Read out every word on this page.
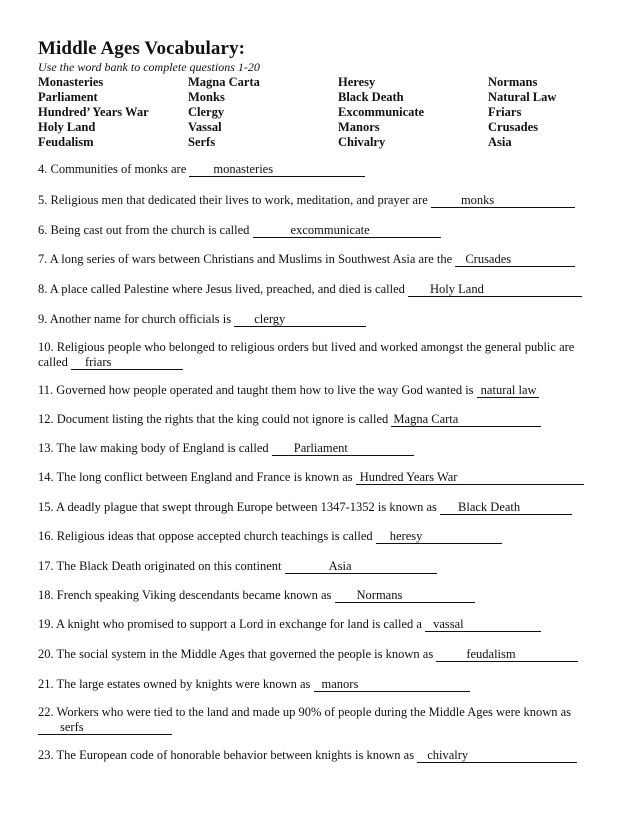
Middle Ages Vocabulary:
Use the word bank to complete questions 1-20
Monasteries	Magna Carta	Heresy	Normans
Parliament	Monks	Black Death	Natural Law
Hundred’ Years War	Clergy	Excommunicate	Friars
Holy Land	Vassal	Manors	Crusades
Feudalism	Serfs	Chivalry	Asia
4. Communities of monks are monasteries
5. Religious men that dedicated their lives to work, meditation, and prayer are	monks
6. Being cast out from the church is called	excommunicate
7. A long series of wars between Christians and Muslims in Southwest Asia are the Crusades
8. A place called Palestine where Jesus lived, preached, and died is called Holy Land
9. Another name for church officials is clergy
10. Religious people who belonged to religious orders but lived and worked amongst the general public are called friars
11. Governed how people operated and taught them how to live the way God wanted is natural law
12. Document listing the rights that the king could not ignore is called Magna Carta
13. The law making body of England is called Parliament
14. The long conflict between England and France is known as Hundred Years War
15. A deadly plague that swept through Europe between 1347-1352 is known as Black Death
16. Religious ideas that oppose accepted church teachings is called heresy
17. The Black Death originated on this continent	Asia
18. French speaking Viking descendants became known as Normans
19. A knight who promised to support a Lord in exchange for land is called a vassal
20. The social system in the Middle Ages that governed the people is known as	feudalism
21. The large estates owned by knights were known as manors
22. Workers who were tied to the land and made up 90% of people during the Middle Ages were known as serfs
23. The European code of honorable behavior between knights is known as chivalry
